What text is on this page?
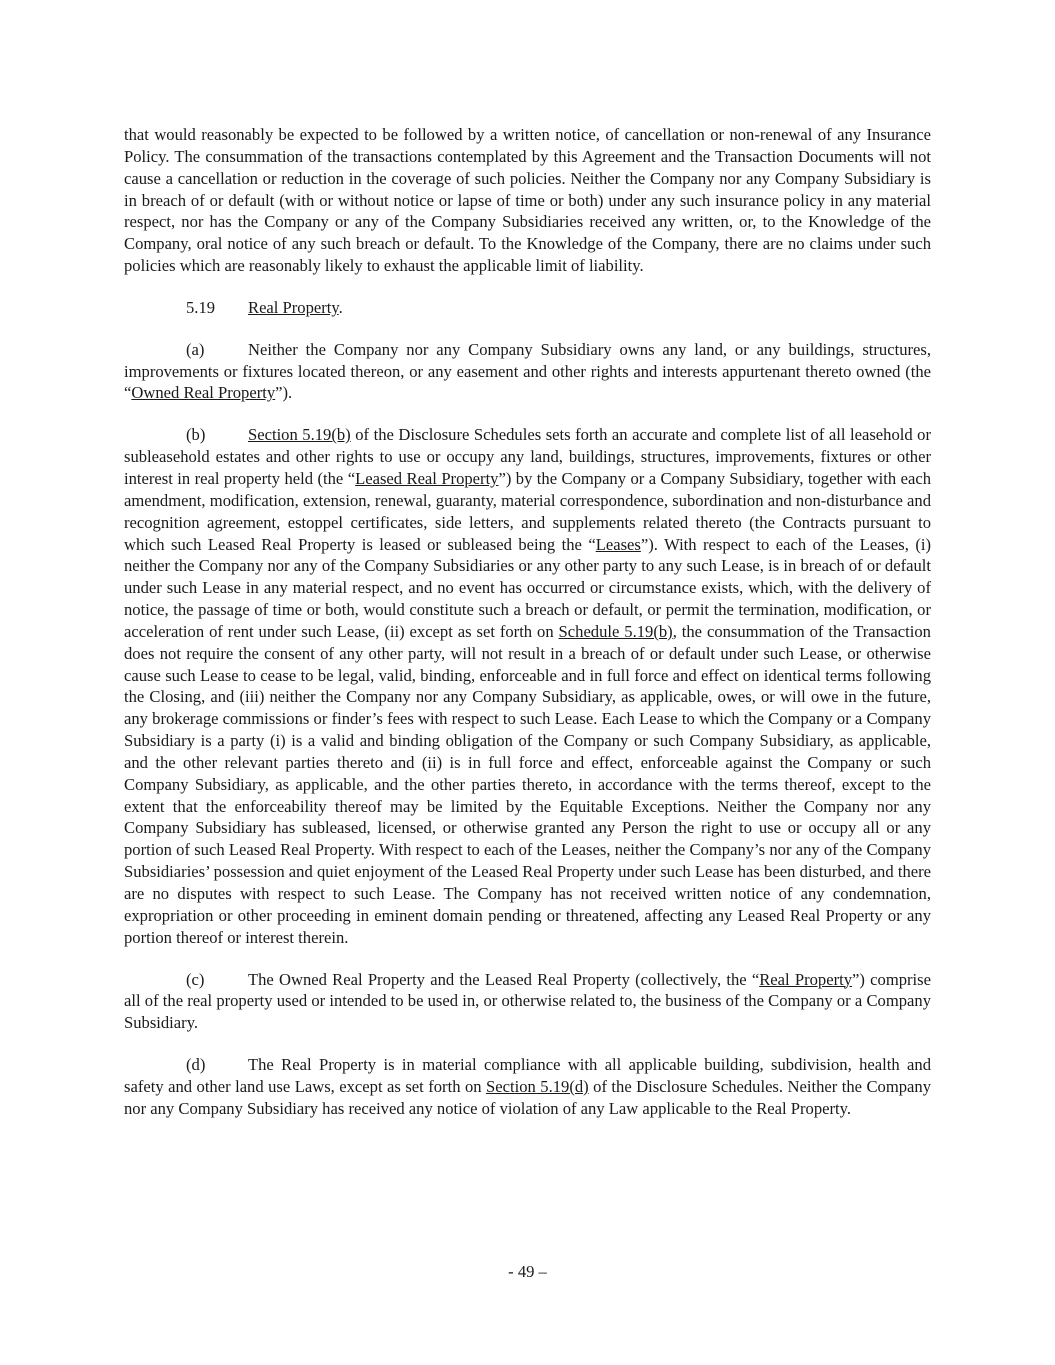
that would reasonably be expected to be followed by a written notice, of cancellation or non-renewal of any Insurance Policy. The consummation of the transactions contemplated by this Agreement and the Transaction Documents will not cause a cancellation or reduction in the coverage of such policies. Neither the Company nor any Company Subsidiary is in breach of or default (with or without notice or lapse of time or both) under any such insurance policy in any material respect, nor has the Company or any of the Company Subsidiaries received any written, or, to the Knowledge of the Company, oral notice of any such breach or default. To the Knowledge of the Company, there are no claims under such policies which are reasonably likely to exhaust the applicable limit of liability.

5.19 Real Property.

(a)	Neither the Company nor any Company Subsidiary owns any land, or any buildings, structures, improvements or fixtures located thereon, or any easement and other rights and interests appurtenant thereto owned (the “Owned Real Property”).

(b)	Section 5.19(b) of the Disclosure Schedules sets forth an accurate and complete list of all leasehold or subleasehold estates and other rights to use or occupy any land, buildings, structures, improvements, fixtures or other interest in real property held (the “Leased Real Property”) by the Company or a Company Subsidiary, together with each amendment, modification, extension, renewal, guaranty, material correspondence, subordination and non-disturbance and recognition agreement, estoppel certificates, side letters, and supplements related thereto (the Contracts pursuant to which such Leased Real Property is leased or subleased being the “Leases”). With respect to each of the Leases, (i) neither the Company nor any of the Company Subsidiaries or any other party to any such Lease, is in breach of or default under such Lease in any material respect, and no event has occurred or circumstance exists, which, with the delivery of notice, the passage of time or both, would constitute such a breach or default, or permit the termination, modification, or acceleration of rent under such Lease, (ii) except as set forth on Schedule 5.19(b), the consummation of the Transaction does not require the consent of any other party, will not result in a breach of or default under such Lease, or otherwise cause such Lease to cease to be legal, valid, binding, enforceable and in full force and effect on identical terms following the Closing, and (iii) neither the Company nor any Company Subsidiary, as applicable, owes, or will owe in the future, any brokerage commissions or finder’s fees with respect to such Lease. Each Lease to which the Company or a Company Subsidiary is a party (i) is a valid and binding obligation of the Company or such Company Subsidiary, as applicable, and the other relevant parties thereto and (ii) is in full force and effect, enforceable against the Company or such Company Subsidiary, as applicable, and the other parties thereto, in accordance with the terms thereof, except to the extent that the enforceability thereof may be limited by the Equitable Exceptions. Neither the Company nor any Company Subsidiary has subleased, licensed, or otherwise granted any Person the right to use or occupy all or any portion of such Leased Real Property. With respect to each of the Leases, neither the Company’s nor any of the Company Subsidiaries’ possession and quiet enjoyment of the Leased Real Property under such Lease has been disturbed, and there are no disputes with respect to such Lease. The Company has not received written notice of any condemnation, expropriation or other proceeding in eminent domain pending or threatened, affecting any Leased Real Property or any portion thereof or interest therein.

(c)	The Owned Real Property and the Leased Real Property (collectively, the “Real Property”) comprise all of the real property used or intended to be used in, or otherwise related to, the business of the Company or a Company Subsidiary.

(d)	The Real Property is in material compliance with all applicable building, subdivision, health and safety and other land use Laws, except as set forth on Section 5.19(d) of the Disclosure Schedules. Neither the Company nor any Company Subsidiary has received any notice of violation of any Law applicable to the Real Property.

- 49 –
